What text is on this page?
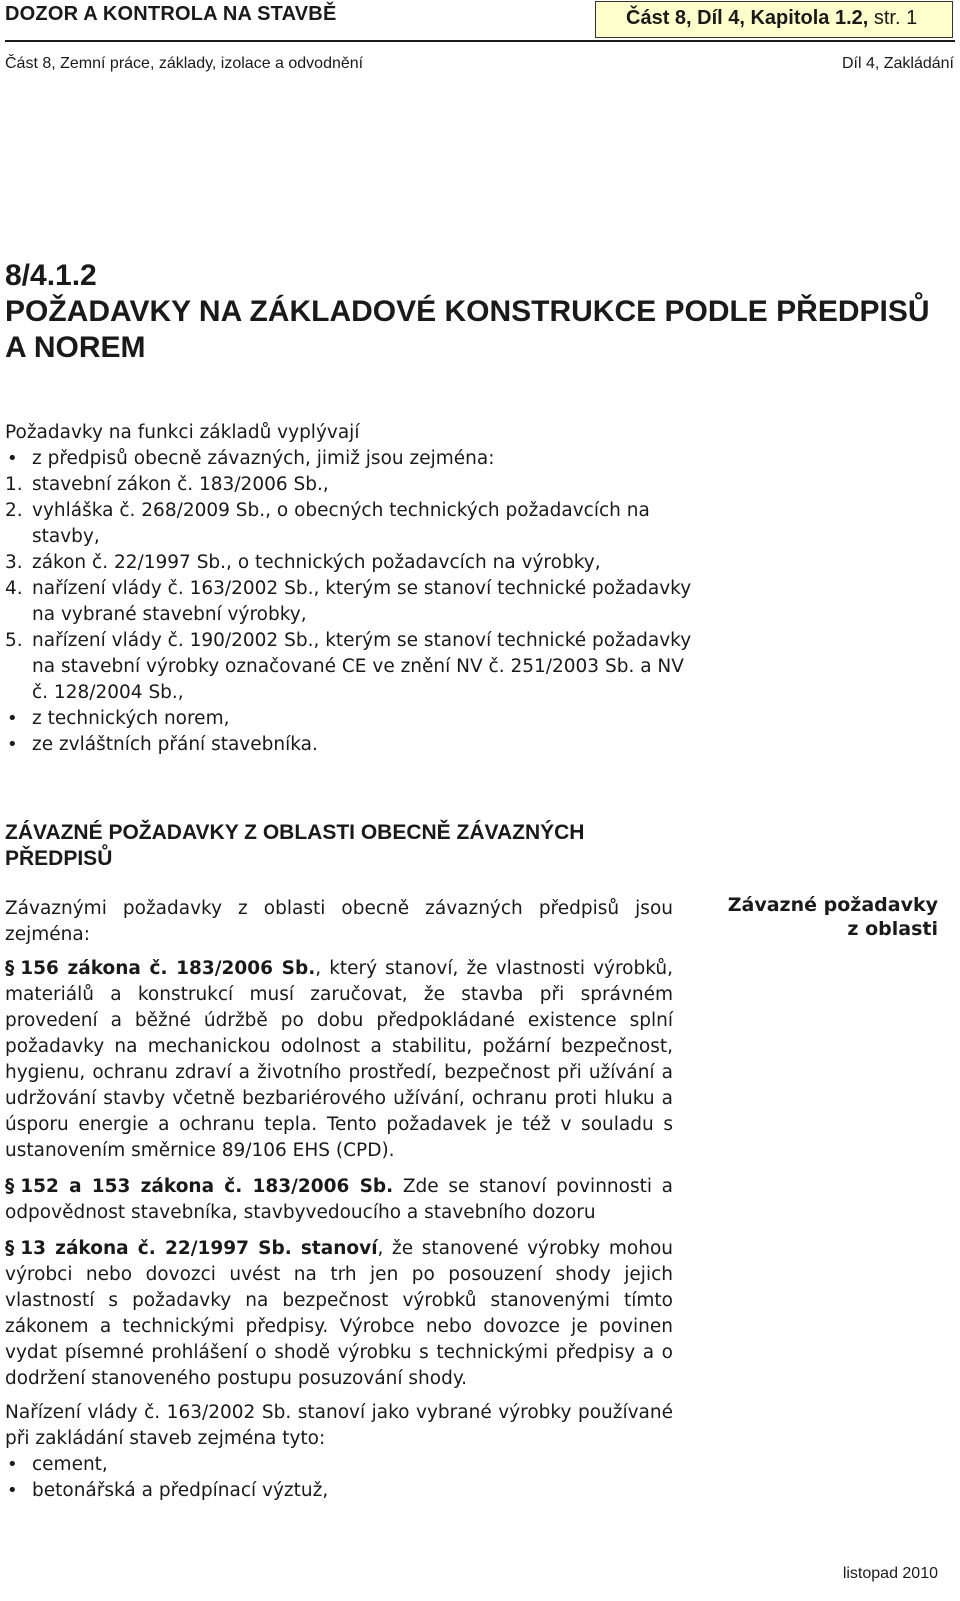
DOZOR A KONTROLA NA STAVBĚ	Část 8, Díl 4, Kapitola 1.2, str. 1
Část 8, Zemní práce, základy, izolace a odvodnění	Díl 4, Zakládání
8/4.1.2
POŽADAVKY NA ZÁKLADOVÉ KONSTRUKCE PODLE PŘEDPISŮ
A NOREM
Požadavky na funkci základů vyplývají
• z předpisů obecně závazných, jimiž jsou zejména:
1. stavební zákon č. 183/2006 Sb.,
2. vyhláška č. 268/2009 Sb., o obecných technických požadavcích na stavby,
3. zákon č. 22/1997 Sb., o technických požadavcích na výrobky,
4. nařízení vlády č. 163/2002 Sb., kterým se stanoví technické požadavky na vybrané stavební výrobky,
5. nařízení vlády č. 190/2002 Sb., kterým se stanoví technické požadavky na stavební výrobky označované CE ve znění NV č. 251/2003 Sb. a NV č. 128/2004 Sb.,
• z technických norem,
• ze zvláštních přání stavebníka.
ZÁVAZNÉ POŽADAVKY Z OBLASTI OBECNĚ ZÁVAZNÝCH
PŘEDPISŮ
Závaznými požadavky z oblasti obecně závazných předpisů jsou zejména:
§ 156 zákona č. 183/2006 Sb., který stanoví, že vlastnosti výrobků, materiálů a konstrukcí musí zaručovat, že stavba při správném provedení a běžné údržbě po dobu předpokládané existence splní požadavky na mechanickou odolnost a stabilitu, požární bezpečnost, hygienu, ochranu zdraví a životního prostředí, bezpečnost při užívání a udržování stavby včetně bezbariérového užívání, ochranu proti hluku a úsporu energie a ochranu tepla. Tento požadavek je též v souladu s ustanovením směrnice 89/106 EHS (CPD).
§ 152 a 153 zákona č. 183/2006 Sb. Zde se stanoví povinnosti a odpovědnost stavebníka, stavbyvedoucího a stavebního dozoru
§ 13 zákona č. 22/1997 Sb. stanoví, že stanovené výrobky mohou výrobci nebo dovozci uvést na trh jen po posouzení shody jejich vlastností s požadavky na bezpečnost výrobků stanovenými tímto zákonem a technickými předpisy. Výrobce nebo dovozce je povinen vydat písemné prohlášení o shodě výrobku s technickými předpisy a o dodržení stanoveného postupu posuzování shody.
Nařízení vlády č. 163/2002 Sb. stanoví jako vybrané výrobky používané při zakládání staveb zejména tyto:
• cement,
• betonářská a předpínací výztuž,
Závazné požadavky
z oblasti
listopad 2010
